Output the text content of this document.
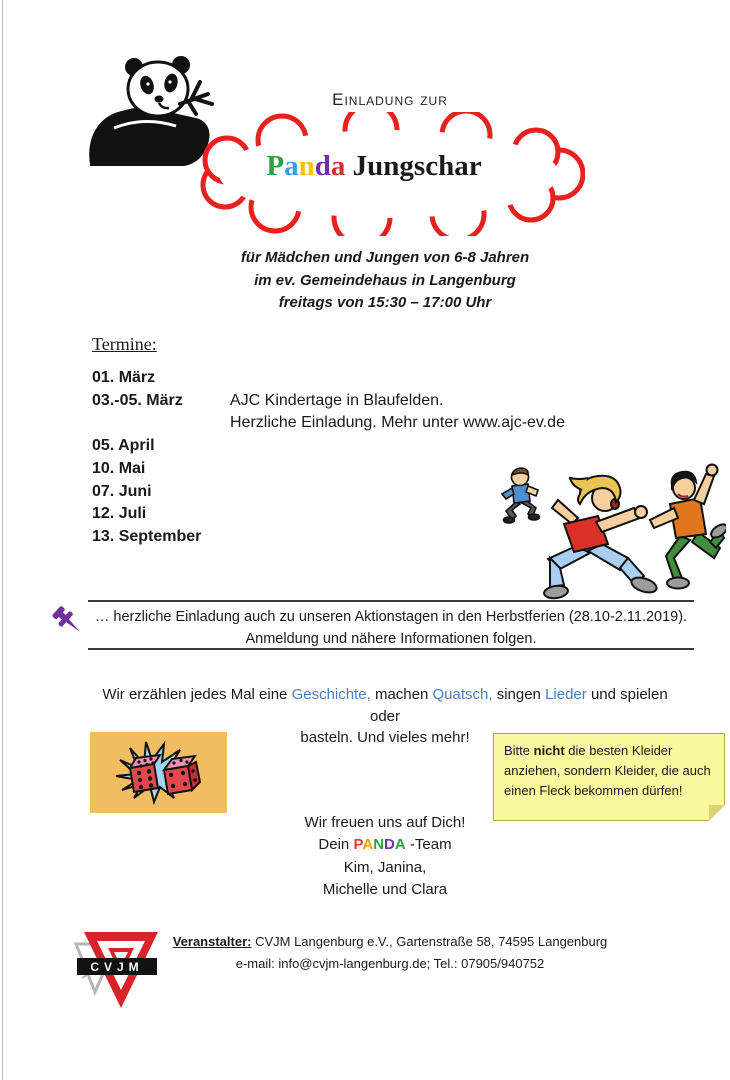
Einladung zur
Panda Jungschar
für Mädchen und Jungen von 6-8 Jahren
im ev. Gemeindehaus in Langenburg
freitags von 15:30 – 17:00 Uhr
Termine:
01. März
03.-05. März	AJC Kindertage in Blaufelden.
Herzliche Einladung. Mehr unter www.ajc-ev.de
05. April
10. Mai
07. Juni
12. Juli
13. September
… herzliche Einladung auch zu unseren Aktionstagen in den Herbstferien (28.10-2.11.2019).
Anmeldung und nähere Informationen folgen.
Wir erzählen jedes Mal eine Geschichte, machen Quatsch, singen Lieder und spielen oder
basteln. Und vieles mehr!
Bitte nicht die besten Kleider
anziehen, sondern Kleider, die auch
einen Fleck bekommen dürfen!
Wir freuen uns auf Dich!
Dein PANDA -Team
Kim, Janina,
Michelle und Clara
CVJM
Veranstalter: CVJM Langenburg e.V., Gartenstraße 58, 74595 Langenburg
e-mail: info@cvjm-langenburg.de; Tel.: 07905/940752
